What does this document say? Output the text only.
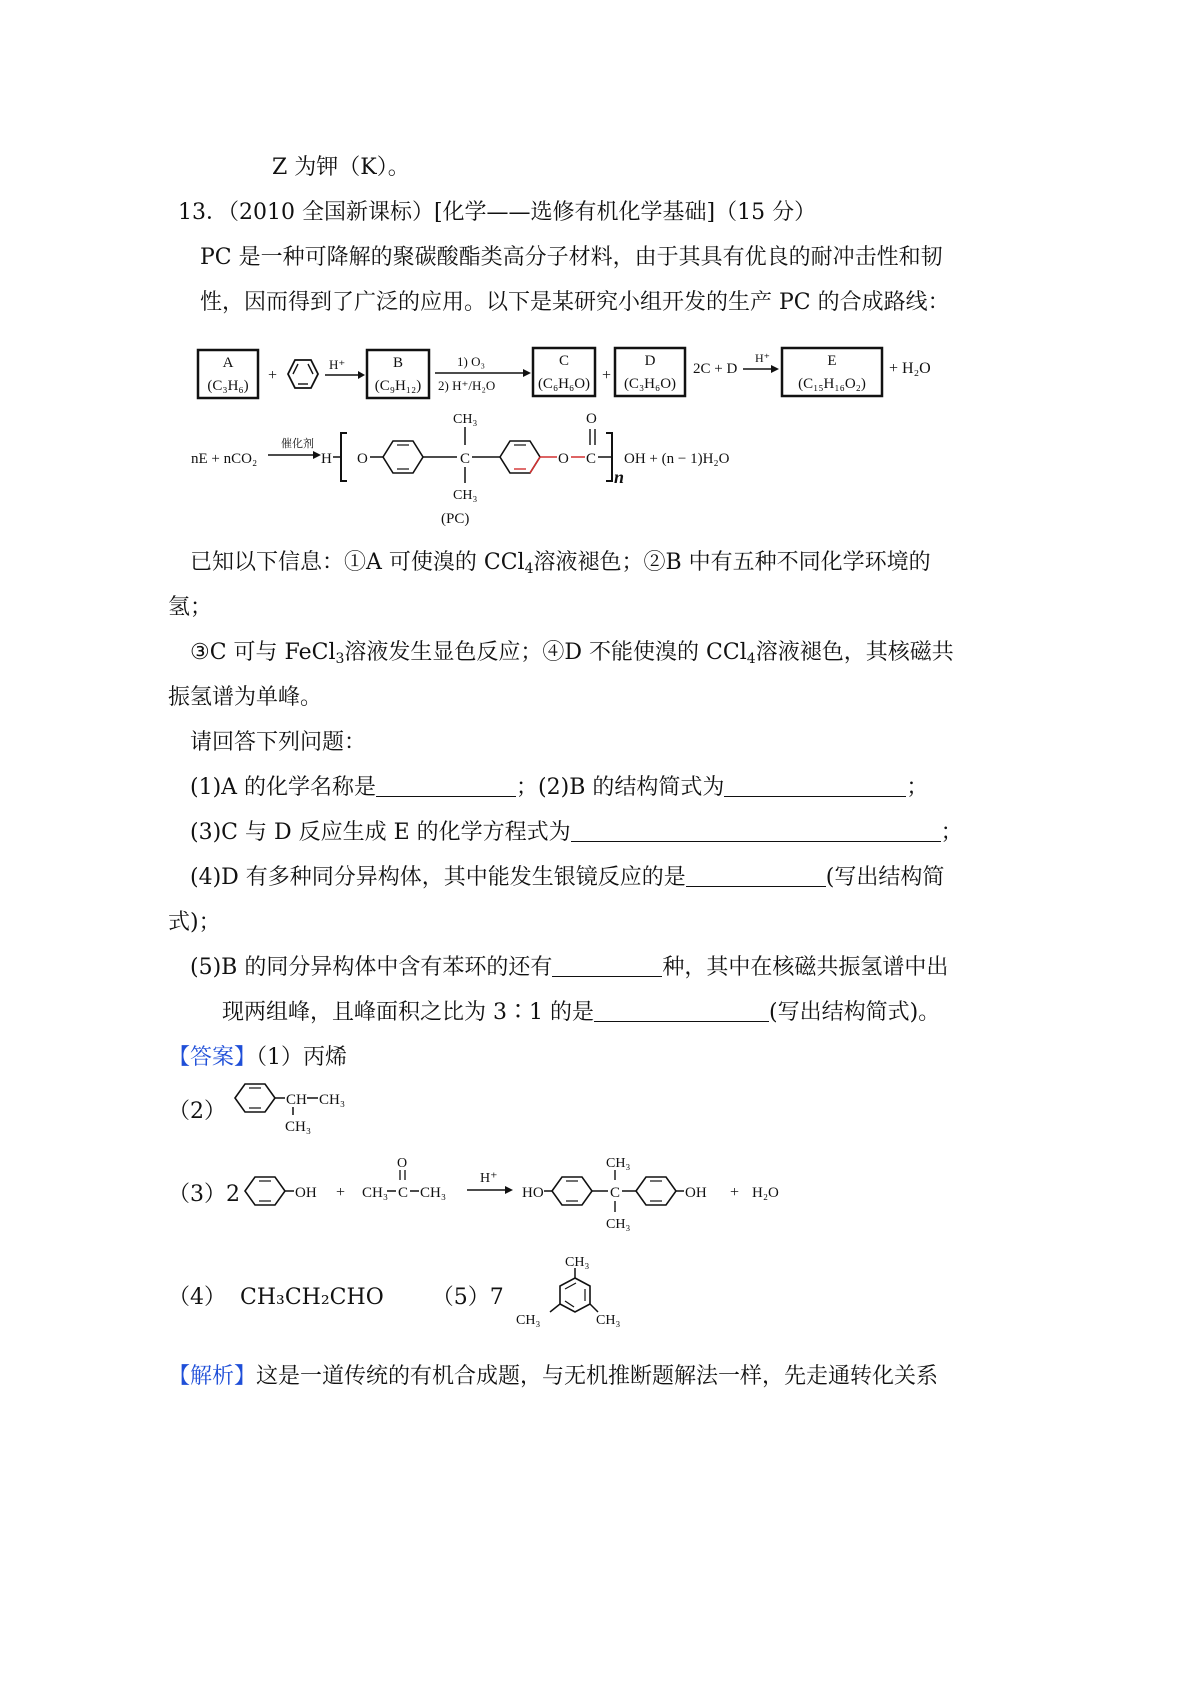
Z 为钾（K）。
13．（2010 全国新课标）[化学——选修有机化学基础]（15 分）
PC 是一种可降解的聚碳酸酯类高分子材料，由于其具有优良的耐冲击性和韧
性，因而得到了广泛的应用。以下是某研究小组开发的生产 PC 的合成路线：
A
(C₃H₆)
+
H⁺	B
(C₉H₁₂)
1) O₃
2) H⁺/H₂O
C
(C₆H₆O) +
D
(C₃H₆O)
2C + D
H⁺	E
(C₁₅H₁₆O₂)
+ H₂O
nE + nCO₂
催化剂
H O	C
CH₃
CH₃
O C
O
n
OH + (n − 1)H₂O
(PC)
已知以下信息：①A 可使溴的 CCl$_4$溶液褪色；②B 中有五种不同化学环境的
氢；
③C 可与 FeCl$_3$溶液发生显色反应；④D 不能使溴的 CCl$_4$溶液褪色，其核磁共
振氢谱为单峰。
请回答下列问题：
(1)A 的化学名称是	；(2)B 的结构简式为	；
(3)C 与 D 反应生成 E 的化学方程式为	；
(4)D 有多种同分异构体，其中能发生银镜反应的是	(写出结构简
式)；
(5)B 的同分异构体中含有苯环的还有	种，其中在核磁共振氢谱中出
现两组峰，且峰面积之比为 3∶1 的是	(写出结构简式)。
【答案】（1）丙烯
（2）	CH CH₃
CH₃
（3）2	OH + CH₃ C
O
CH₃
H⁺
HO	C
CH₃
CH₃
OH + H₂O
（4） CH₃CH₂CHO （5）7
CH₃
CH₃	CH₃
【解析】这是一道传统的有机合成题，与无机推断题解法一样，先走通转化关系
